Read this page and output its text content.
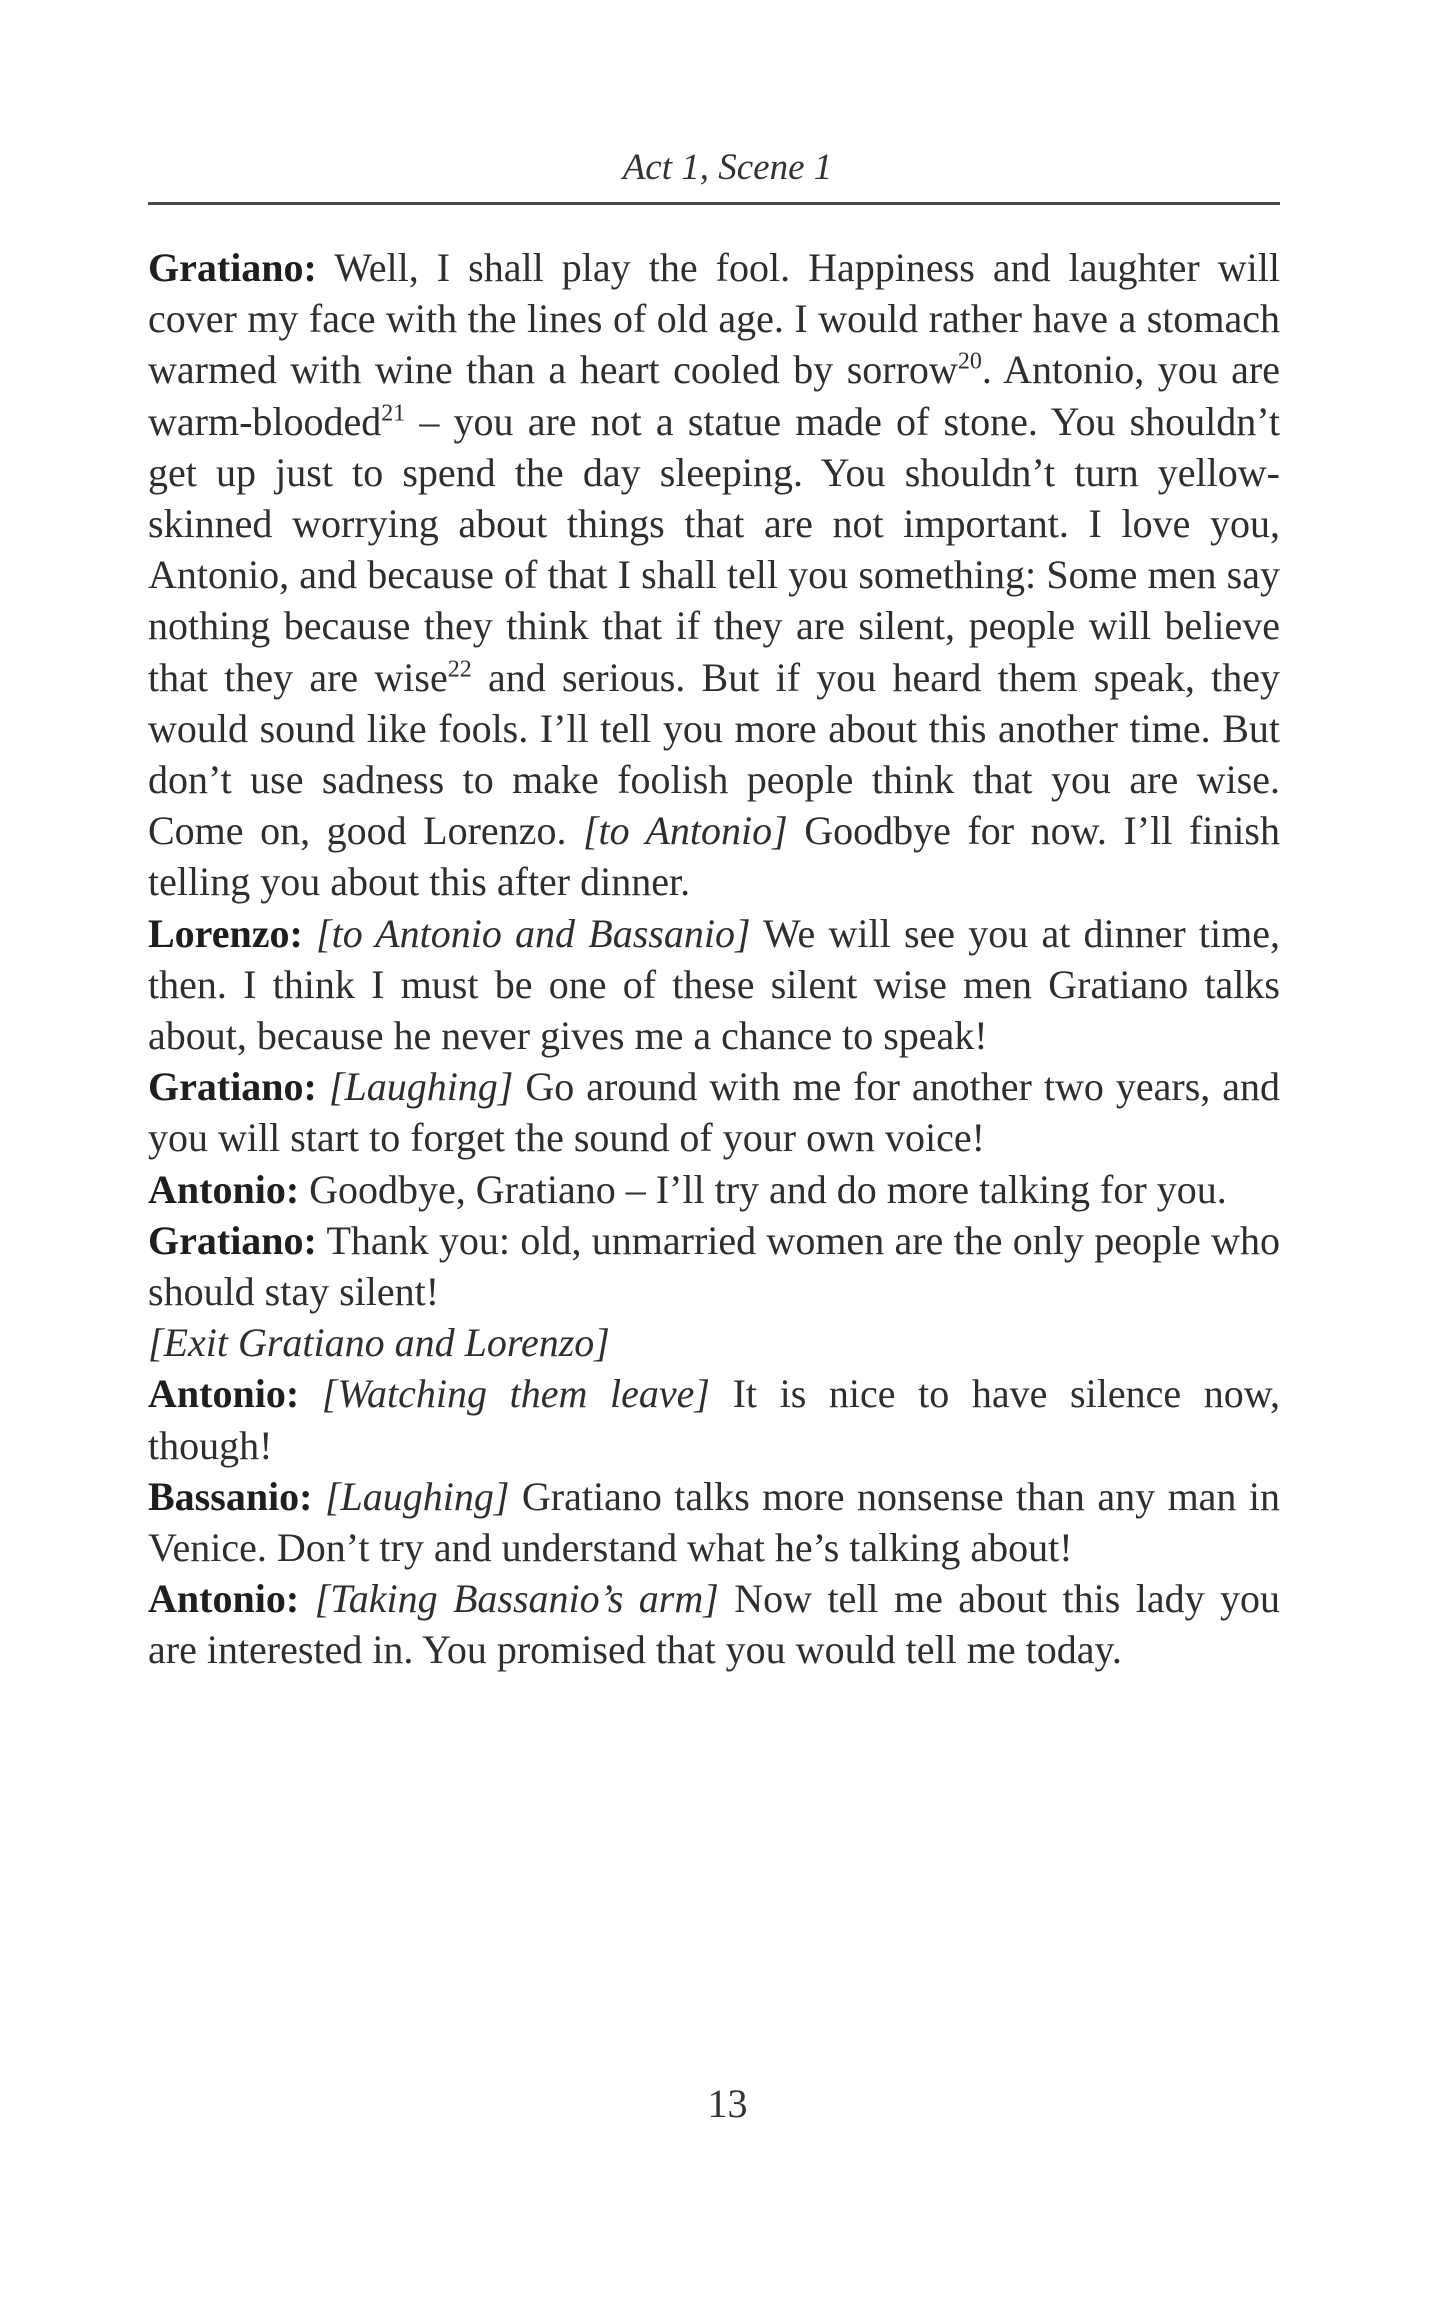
Act 1, Scene 1

Gratiano: Well, I shall play the fool. Happiness and laughter will cover my face with the lines of old age. I would rather have a stomach warmed with wine than a heart cooled by sorrow$^{20}$. Antonio, you are warm-blooded$^{21}$ – you are not a statue made of stone. You shouldn’t get up just to spend the day sleeping. You shouldn’t turn yellow-skinned worrying about things that are not important. I love you, Antonio, and because of that I shall tell you something: Some men say nothing because they think that if they are silent, people will believe that they are wise$^{22}$ and serious. But if you heard them speak, they would sound like fools. I’ll tell you more about this another time. But don’t use sadness to make foolish people think that you are wise. Come on, good Lorenzo. [to Antonio] Goodbye for now. I’ll finish telling you about this after dinner.

Lorenzo: [to Antonio and Bassanio] We will see you at dinner time, then. I think I must be one of these silent wise men Gratiano talks about, because he never gives me a chance to speak!

Gratiano: [Laughing] Go around with me for another two years, and you will start to forget the sound of your own voice!

Antonio: Goodbye, Gratiano – I’ll try and do more talking for you.

Gratiano: Thank you: old, unmarried women are the only people who should stay silent!

[Exit Gratiano and Lorenzo]

Antonio: [Watching them leave] It is nice to have silence now, though!

Bassanio: [Laughing] Gratiano talks more nonsense than any man in Venice. Don’t try and understand what he’s talking about!

Antonio: [Taking Bassanio’s arm] Now tell me about this lady you are interested in. You promised that you would tell me today.

13
